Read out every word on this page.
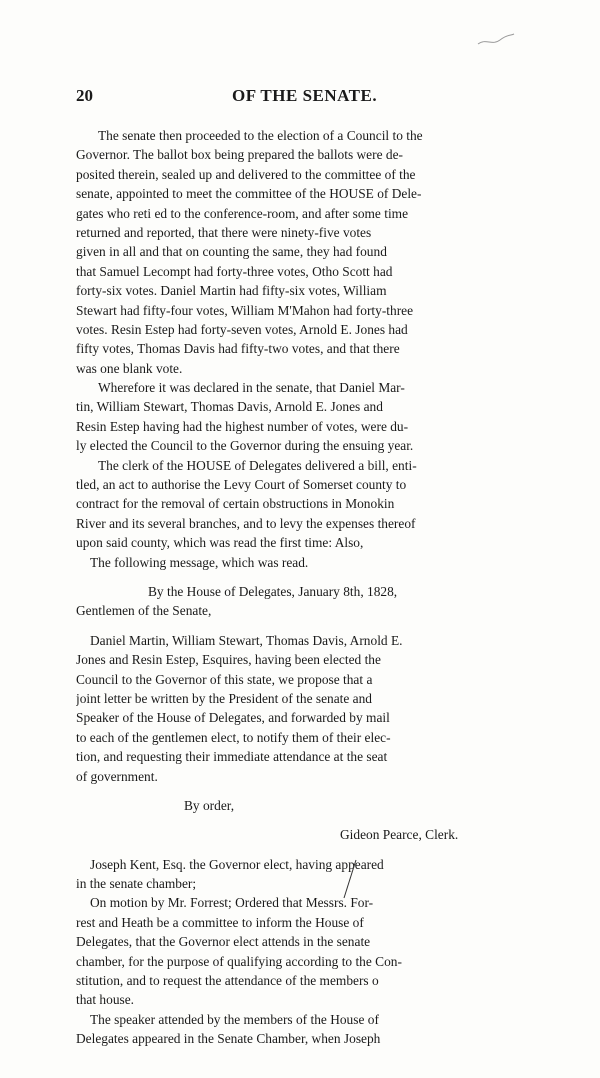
20	OF THE SENATE.
The senate then proceeded to the election of a Council to the
Governor. The ballot box being prepared the ballots were de-
posited therein, sealed up and delivered to the committee of the
senate, appointed to meet the committee of the HOUSE of Dele-
gates who reti ed to the conference-room, and after some time
returned and reported, that there were ninety-five votes
given in all and that on counting the same, they had found
that Samuel Lecompt had forty-three votes, Otho Scott had
forty-six votes. Daniel Martin had fifty-six votes, William
Stewart had fifty-four votes, William M'Mahon had forty-three
votes. Resin Estep had forty-seven votes, Arnold E. Jones had
fifty votes, Thomas Davis had fifty-two votes, and that there
was one blank vote.
Wherefore it was declared in the senate, that Daniel Mar-
tin, William Stewart, Thomas Davis, Arnold E. Jones and
Resin Estep having had the highest number of votes, were du-
ly elected the Council to the Governor during the ensuing year.
The clerk of the HOUSE of Delegates delivered a bill, enti-
tled, an act to authorise the Levy Court of Somerset county to
contract for the removal of certain obstructions in Monokin
River and its several branches, and to levy the expenses thereof
upon said county, which was read the first time: Also,
The following message, which was read.
By the House of Delegates, January 8th, 1828,
Gentlemen of the Senate,
Daniel Martin, William Stewart, Thomas Davis, Arnold E.
Jones and Resin Estep, Esquires, having been elected the
Council to the Governor of this state, we propose that a
joint letter be written by the President of the senate and
Speaker of the House of Delegates, and forwarded by mail
to each of the gentlemen elect, to notify them of their elec-
tion, and requesting their immediate attendance at the seat
of government.
By order,
Gideon Pearce, Clerk.
Joseph Kent, Esq. the Governor elect, having appeared
in the senate chamber;
On motion by Mr. Forrest; Ordered that Messrs. For-
rest and Heath be a committee to inform the House of
Delegates, that the Governor elect attends in the senate
chamber, for the purpose of qualifying according to the Con-
stitution, and to request the attendance of the members o
that house.
The speaker attended by the members of the House of
Delegates appeared in the Senate Chamber, when Joseph
